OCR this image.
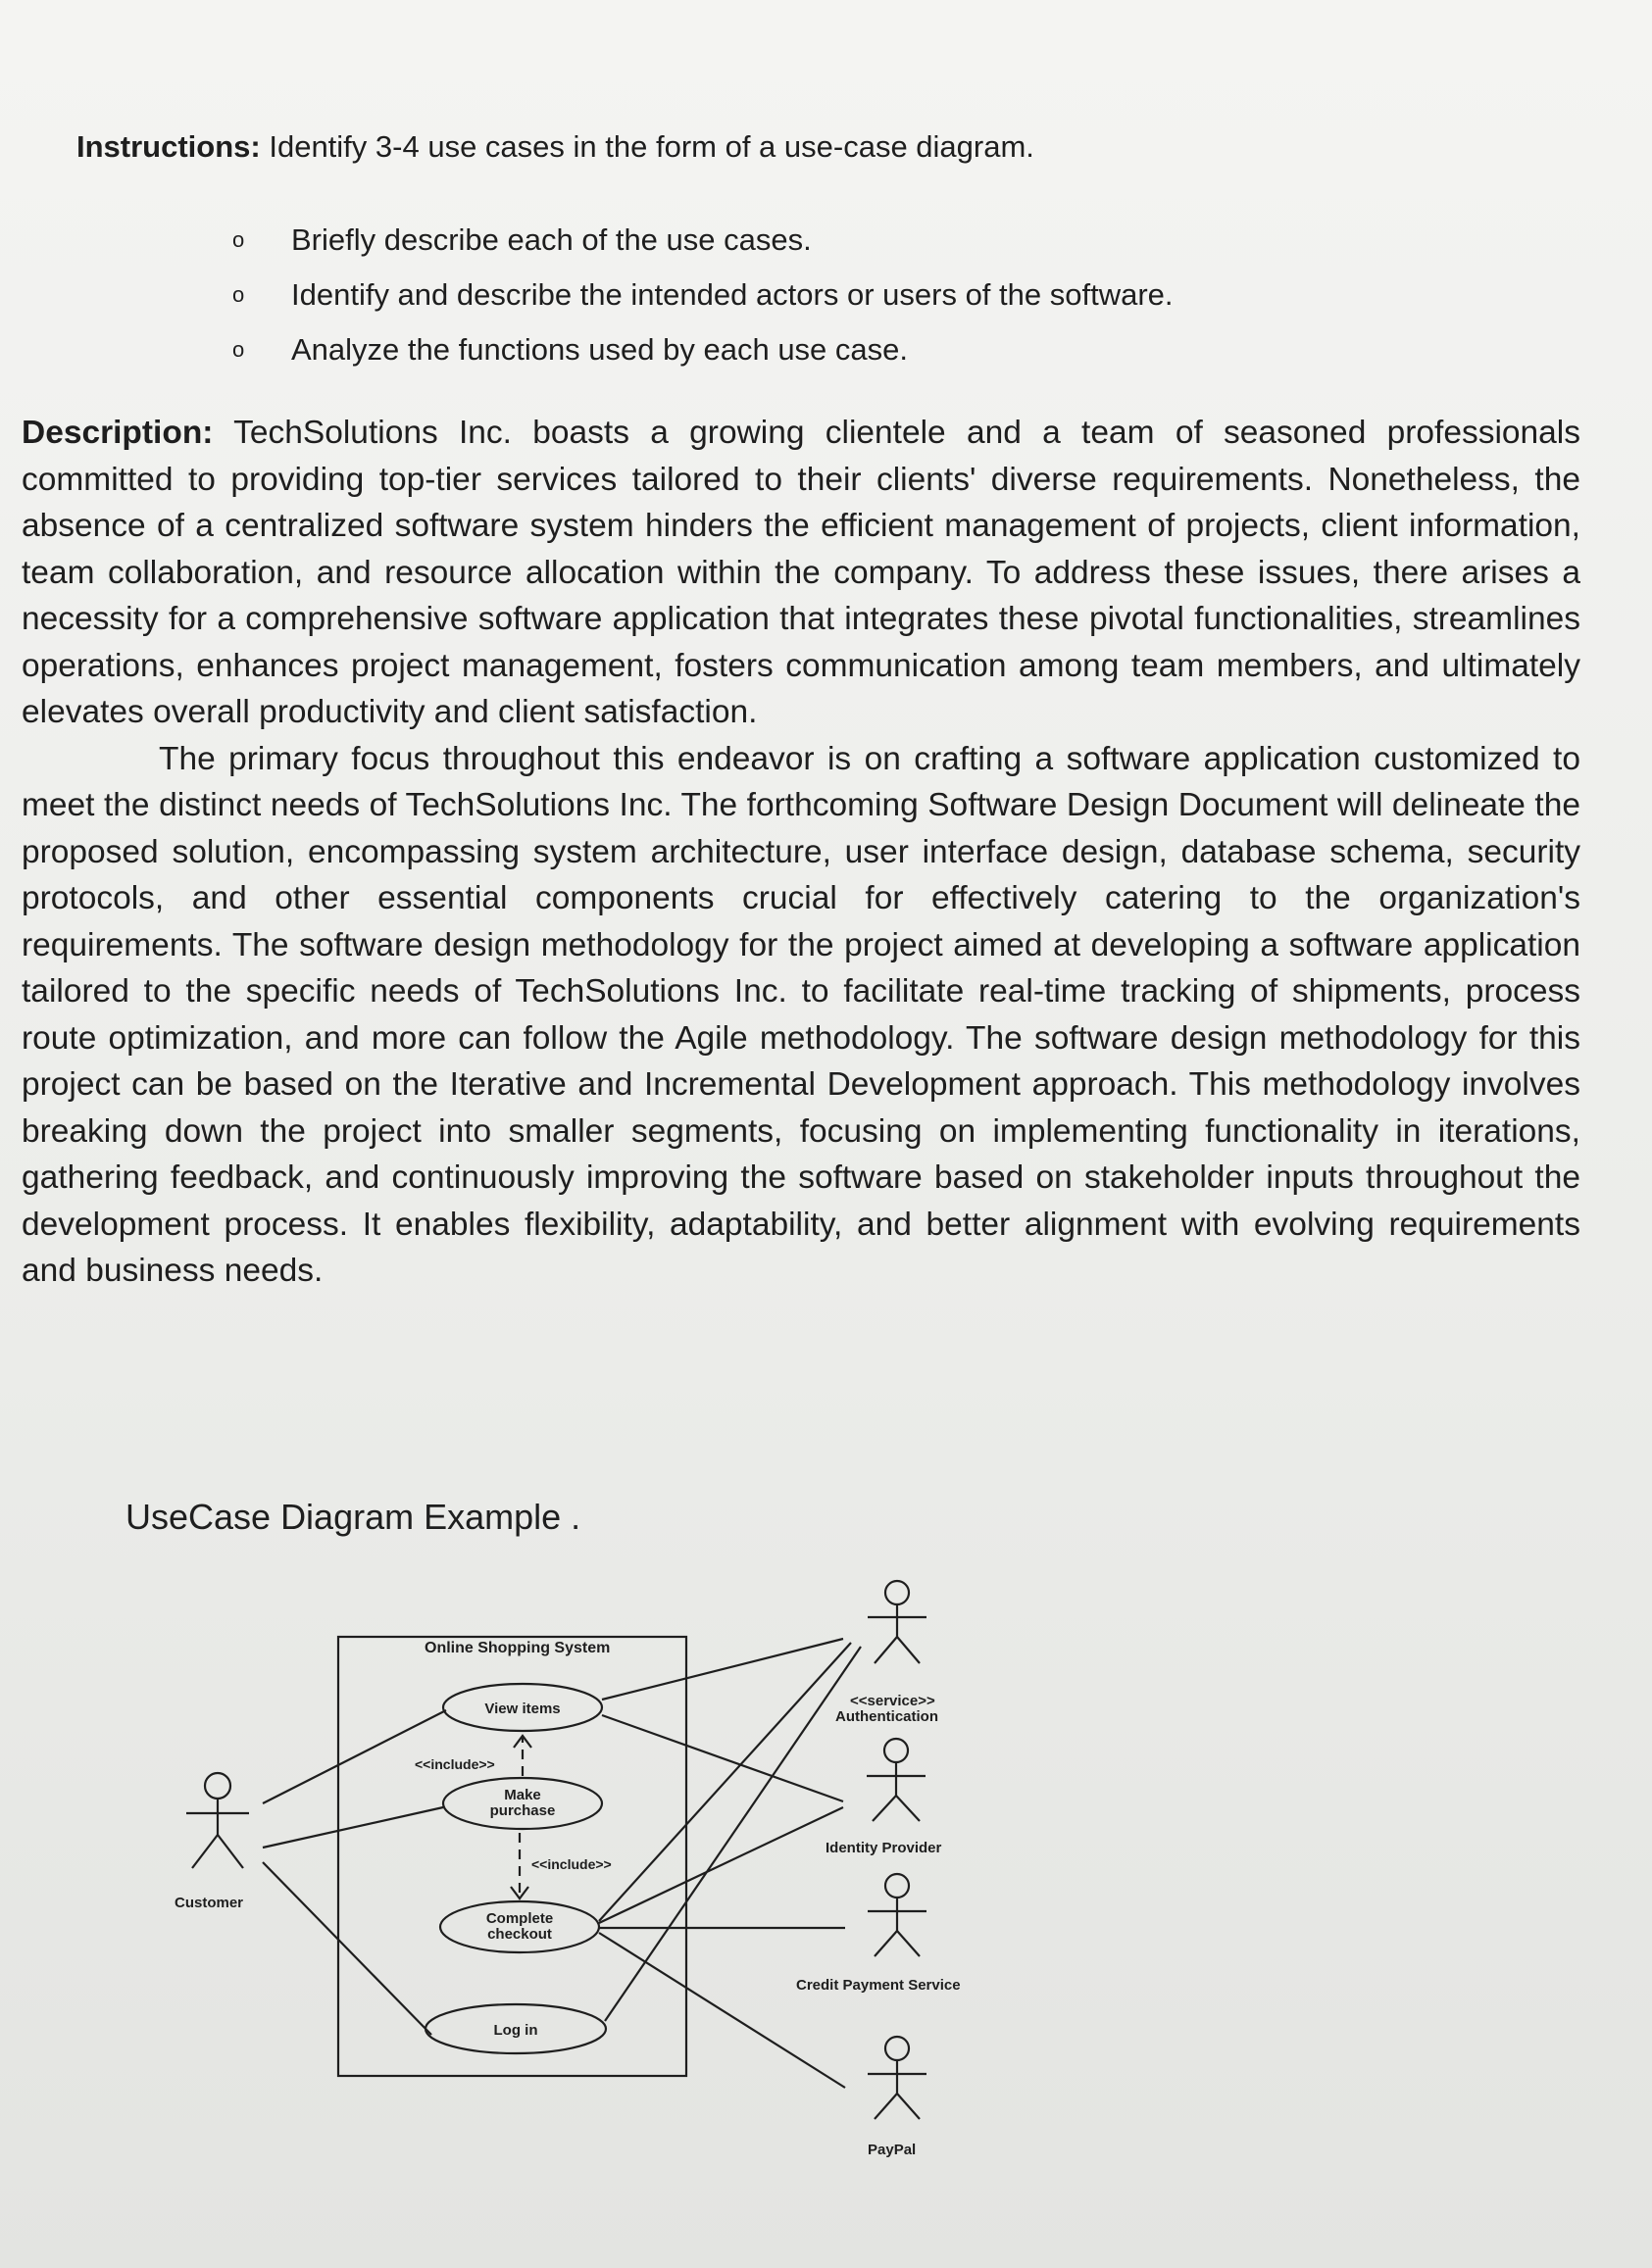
Instructions: Identify 3-4 use cases in the form of a use-case diagram.
o Briefly describe each of the use cases.
o Identify and describe the intended actors or users of the software.
o Analyze the functions used by each use case.

Description: TechSolutions Inc. boasts a growing clientele and a team of seasoned professionals committed to providing top-tier services tailored to their clients' diverse requirements. Nonetheless, the absence of a centralized software system hinders the efficient management of projects, client information, team collaboration, and resource allocation within the company. To address these issues, there arises a necessity for a comprehensive software application that integrates these pivotal functionalities, streamlines operations, enhances project management, fosters communication among team members, and ultimately elevates overall productivity and client satisfaction.

The primary focus throughout this endeavor is on crafting a software application customized to meet the distinct needs of TechSolutions Inc. The forthcoming Software Design Document will delineate the proposed solution, encompassing system architecture, user interface design, database schema, security protocols, and other essential components crucial for effectively catering to the organization's requirements. The software design methodology for the project aimed at developing a software application tailored to the specific needs of TechSolutions Inc. to facilitate real-time tracking of shipments, process route optimization, and more can follow the Agile methodology. The software design methodology for this project can be based on the Iterative and Incremental Development approach. This methodology involves breaking down the project into smaller segments, focusing on implementing functionality in iterations, gathering feedback, and continuously improving the software based on stakeholder inputs throughout the development process. It enables flexibility, adaptability, and better alignment with evolving requirements and business needs.

UseCase Diagram Example .
Online Shopping System
View items
Make
purchase
Complete
checkout
Log in
<<include>>
<<include>>
Customer
<<service>>
Authentication
Identity Provider
Credit Payment Service
PayPal
